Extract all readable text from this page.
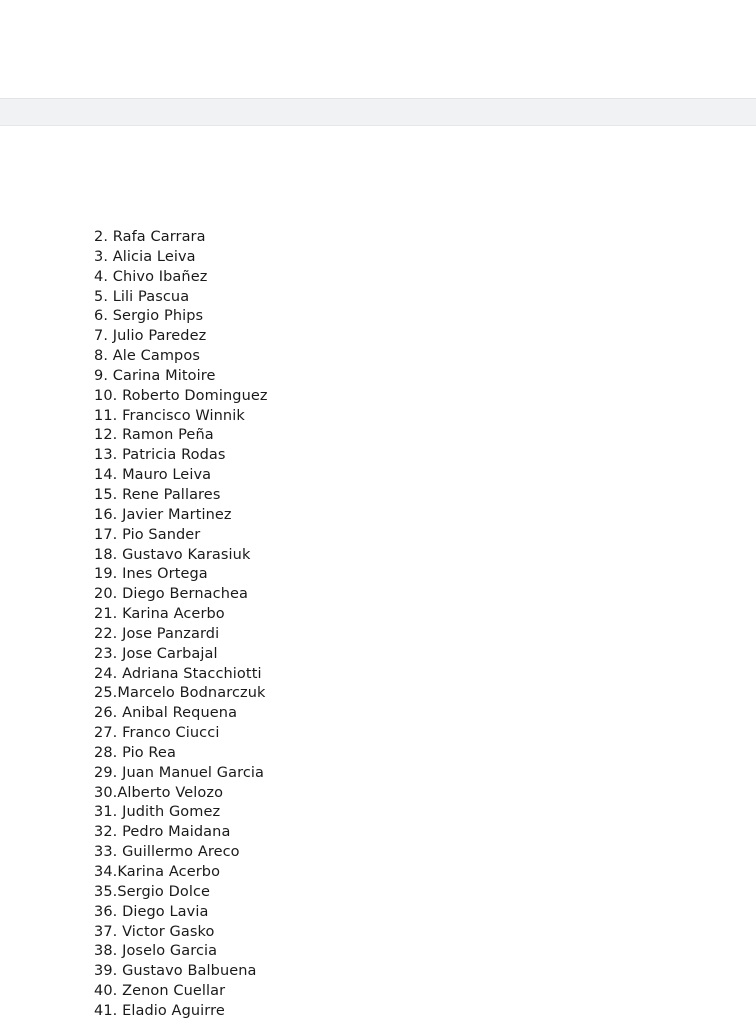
2. Rafa Carrara
3. Alicia Leiva
4. Chivo Ibañez
5. Lili Pascua
6. Sergio Phips
7. Julio Paredez
8. Ale Campos
9. Carina Mitoire
10. Roberto Dominguez
11. Francisco Winnik
12. Ramon Peña
13. Patricia Rodas
14. Mauro Leiva
15. Rene Pallares
16. Javier Martinez
17. Pio Sander
18. Gustavo Karasiuk
19. Ines Ortega
20. Diego Bernachea
21. Karina Acerbo
22. Jose Panzardi
23. Jose Carbajal
24. Adriana Stacchiotti
25.Marcelo Bodnarczuk
26. Anibal Requena
27. Franco Ciucci
28. Pio Rea
29. Juan Manuel Garcia
30.Alberto Velozo
31. Judith Gomez
32. Pedro Maidana
33. Guillermo Areco
34.Karina Acerbo
35.Sergio Dolce
36. Diego Lavia
37. Victor Gasko
38. Joselo Garcia
39. Gustavo Balbuena
40. Zenon Cuellar
41. Eladio Aguirre
